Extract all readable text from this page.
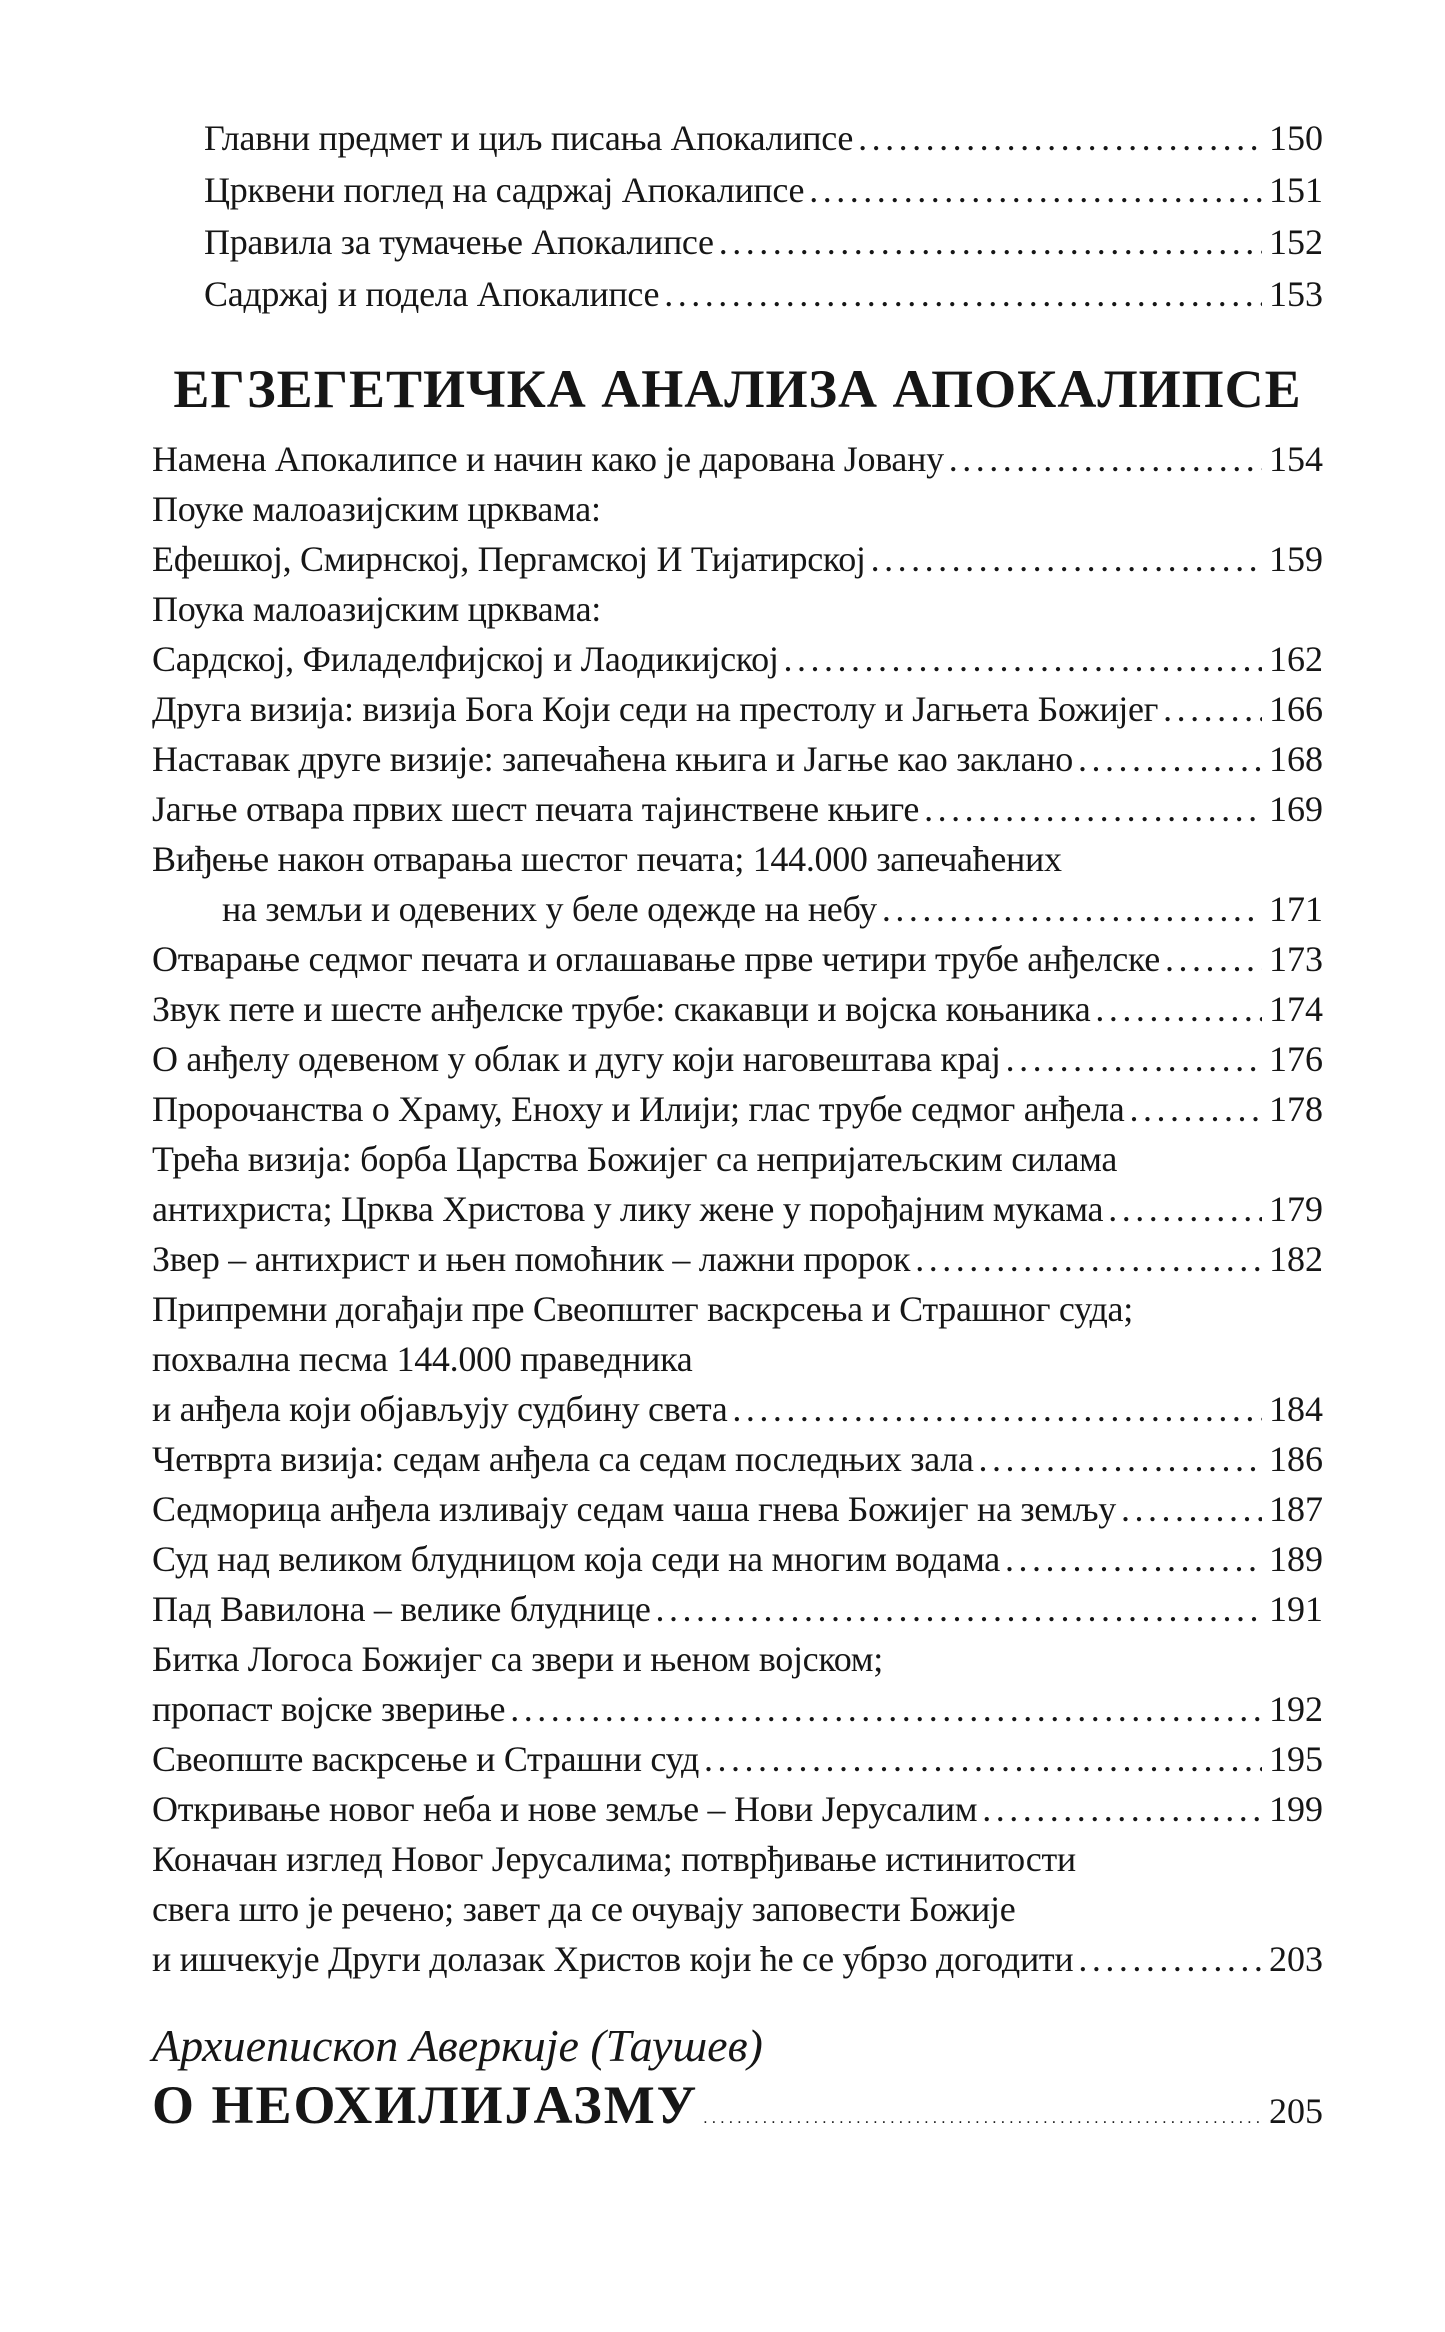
Главни предмет и циљ писања Апокалипсе .....	150
Црквени поглед на садржај Апокалипсе .....	151
Правила за тумачење Апокалипсе .....	152
Садржај и подела Апокалипсе .....	153
ЕГЗЕГЕТИЧКА АНАЛИЗА АПОКАЛИПСЕ
Намена Апокалипсе и начин како је дарована Јовану .....	154
Поуке малоазијским црквама:
Ефешкој, Смирнској, Пергамској И Тијатирској .....	159
Поука малоазијским црквама:
Сардској, Филаделфијској и Лаодикијској .....	162
Друга визија: визија Бога Који седи на престолу и Јагњета Божијег .....	166
Наставак друге визије: запечаћена књига и Јагње као заклано .....	168
Јагње отвара првих шест печата тајинствене књиге .....	169
Виђење након отварања шестог печата; 144.000 запечаћених
на земљи и одевених у беле одежде на небу .....	171
Отварање седмог печата и оглашавање прве четири трубе анђелске .....	173
Звук пете и шесте анђелске трубе: скакавци и војска коњаника .....	174
О анђелу одевеном у облак и дугу који наговештава крај .....	176
Пророчанства о Храму, Еноху и Илији; глас трубе седмог анђела .....	178
Трећа визија: борба Царства Божијег са непријатељским силама
антихриста; Црква Христова у лику жене у порођајним мукама .....	179
Звер – антихрист и њен помоћник – лажни пророк .....	182
Припремни догађаји пре Свеопштег васкрсења и Страшног суда;
похвална песма 144.000 праведника
и анђела који објављују судбину света .....	184
Четврта визија: седам анђела са седам последњих зала .....	186
Седморица анђела изливају седам чаша гнева Божијег на земљу .....	187
Суд над великом блудницом која седи на многим водама .....	189
Пад Вавилона – велике блуднице .....	191
Битка Логоса Божијег са звери и њеном војском;
пропаст војске звериње .....	192
Свеопште васкрсење и Страшни суд .....	195
Откривање новог неба и нове земље – Нови Јерусалим .....	199
Коначан изглед Новог Јерусалима; потврђивање истинитости
свега што је речено; завет да се очувају заповести Божије
и ишчекује Други долазак Христов који ће се убрзо догодити .....	203
Архиепископ Аверкије (Таушев)
О НЕОХИЛИЈАЗМУ .....	205
